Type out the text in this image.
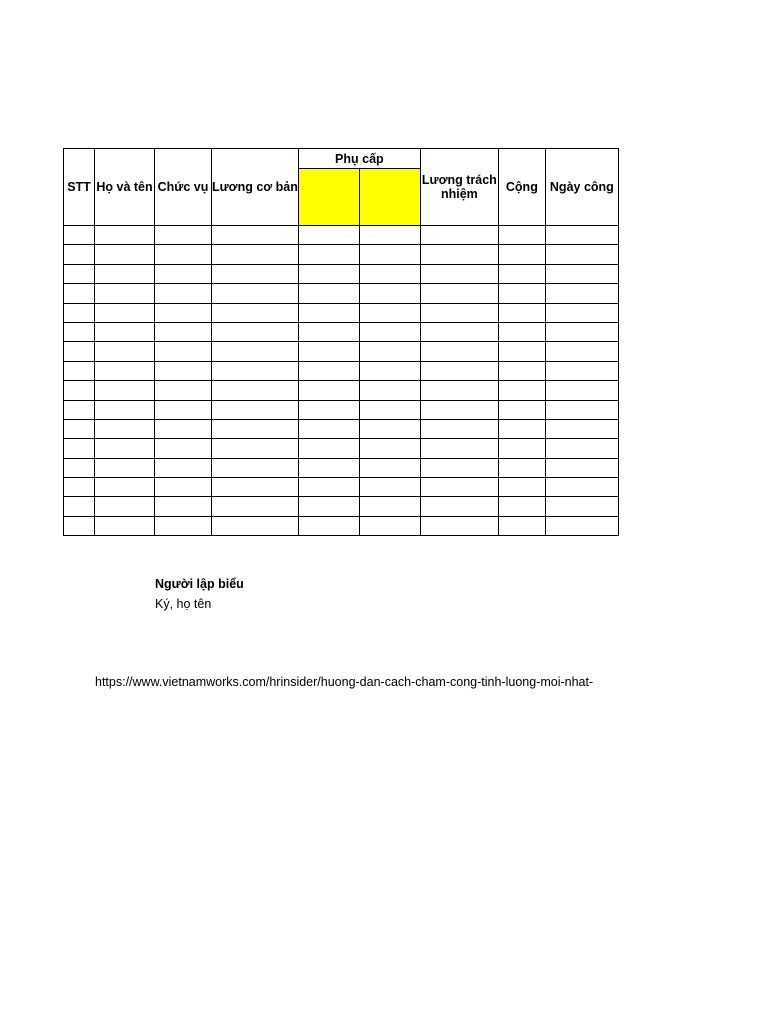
STT	Họ và tên	Chức vụ	Lương cơ bản	Phụ cấp		Lương trách nhiệm	Cộng	Ngày công

Người lập biểu
Ký, họ tên
https://www.vietnamworks.com/hrinsider/huong-dan-cach-cham-cong-tinh-luong-moi-nhat-
